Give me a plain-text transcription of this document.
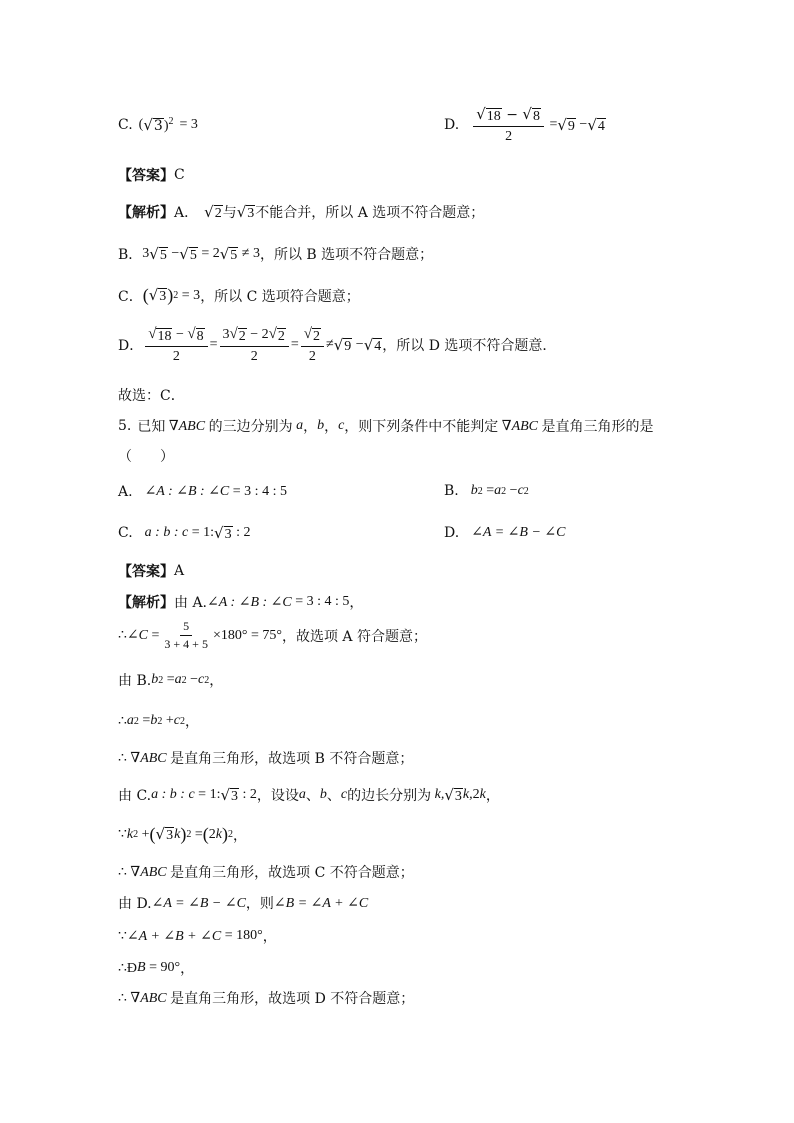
C. ( √ 3 )$^2$ = 3	D. $\frac{√ 18 - √ 8}{2}$ = √ 9 − √ 4
【答案】 C
【解析】 A． √ 2 与 √ 3 不能合并，所以 A 选项不符合题意；
B． 3 √ 5 − √ 5 = 2 √ 5 ≠ 3 ，所以 B 选项不符合题意；
C． ( √ 3 ) 2 = 3 ，所以 C 选项符合题意；
D． $\frac{√ 18 - √ 8}{2} = \frac{3 √ 2 - 2 √ 2}{2} = \frac{√ 2}{2}$ ≠ √ 9 − √ 4 ，所以 D 选项不符合题意．
故选：C．
5. 已知 ∇ABC 的三边分别为 a ， b ， c ，则下列条件中不能判定 ∇ABC 是直角三角形的是
（　　）
A. ∠A : ∠B : ∠C = 3 : 4 : 5	B. b 2 = a 2 − c 2
C. a : b : c = 1: √ 3 : 2	D. ∠A = ∠B − ∠C
【答案】 A
【解析】 由 A. ∠A : ∠B : ∠C = 3 : 4 : 5 ，
∴ ∠C = $\frac{5}{3 + 4 + 5} \times 180^\circ = 75^\circ$ ，故选项 A 符合题意；
由 B. b 2 = a 2 − c 2 ，
∴ a 2 = b 2 + c 2 ，
∴ ∇ABC 是直角三角形，故选项 B 不符合题意；
由 C. a : b : c = 1: √ 3 : 2 ，设设 a 、 b 、 c 的边长分别为 k, √ 3 k, 2 k ，
∵ k 2 + ( √ 3 k ) 2 = ( 2 k ) 2 ，
∴ ∇ABC 是直角三角形，故选项 C 不符合题意；
由 D. ∠A = ∠B − ∠C ，则 ∠B = ∠A + ∠C
∵ ∠A + ∠B + ∠C = 180° ，
∴Ð B = 90° ，
∴ ∇ABC 是直角三角形，故选项 D 不符合题意；
